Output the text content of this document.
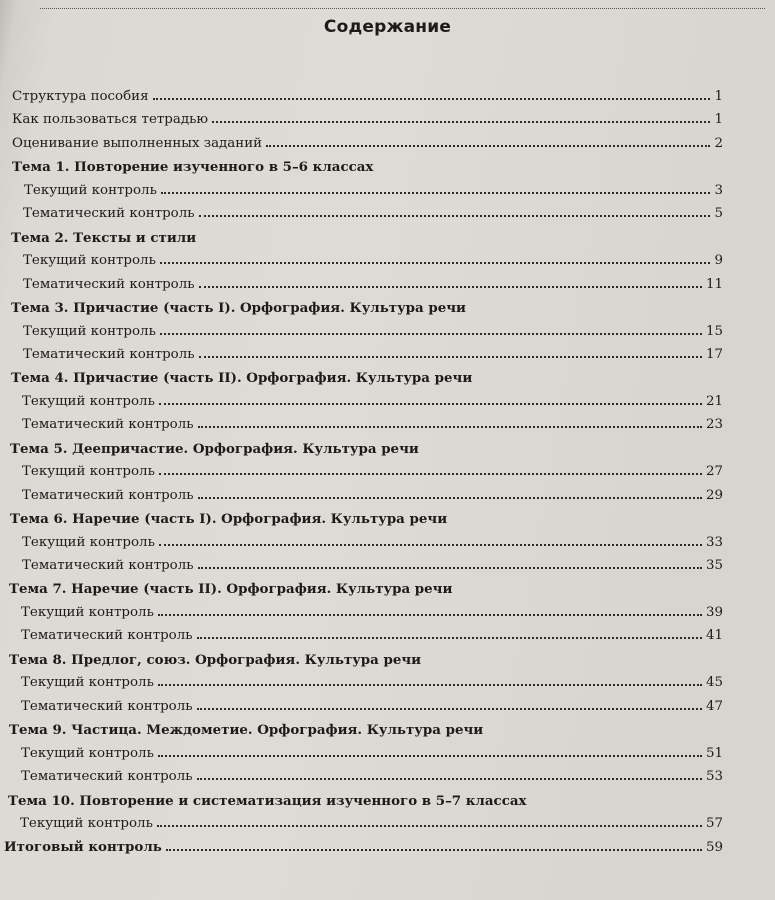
Содержание
Структура пособия	1
Как пользоваться тетрадью	1
Оценивание выполненных заданий	2
Тема 1. Повторение изученного в 5–6 классах
Текущий контроль	3
Тематический контроль	5
Тема 2. Тексты и стили
Текущий контроль	9
Тематический контроль	11
Тема 3. Причастие (часть I). Орфография. Культура речи
Текущий контроль	15
Тематический контроль	17
Тема 4. Причастие (часть II). Орфография. Культура речи
Текущий контроль	21
Тематический контроль	23
Тема 5. Деепричастие. Орфография. Культура речи
Текущий контроль	27
Тематический контроль	29
Тема 6. Наречие (часть I). Орфография. Культура речи
Текущий контроль	33
Тематический контроль	35
Тема 7. Наречие (часть II). Орфография. Культура речи
Текущий контроль	39
Тематический контроль	41
Тема 8. Предлог, союз. Орфография. Культура речи
Текущий контроль	45
Тематический контроль	47
Тема 9. Частица. Междометие. Орфография. Культура речи
Текущий контроль	51
Тематический контроль	53
Тема 10. Повторение и систематизация изученного в 5–7 классах
Текущий контроль	57
Итоговый контроль	59
